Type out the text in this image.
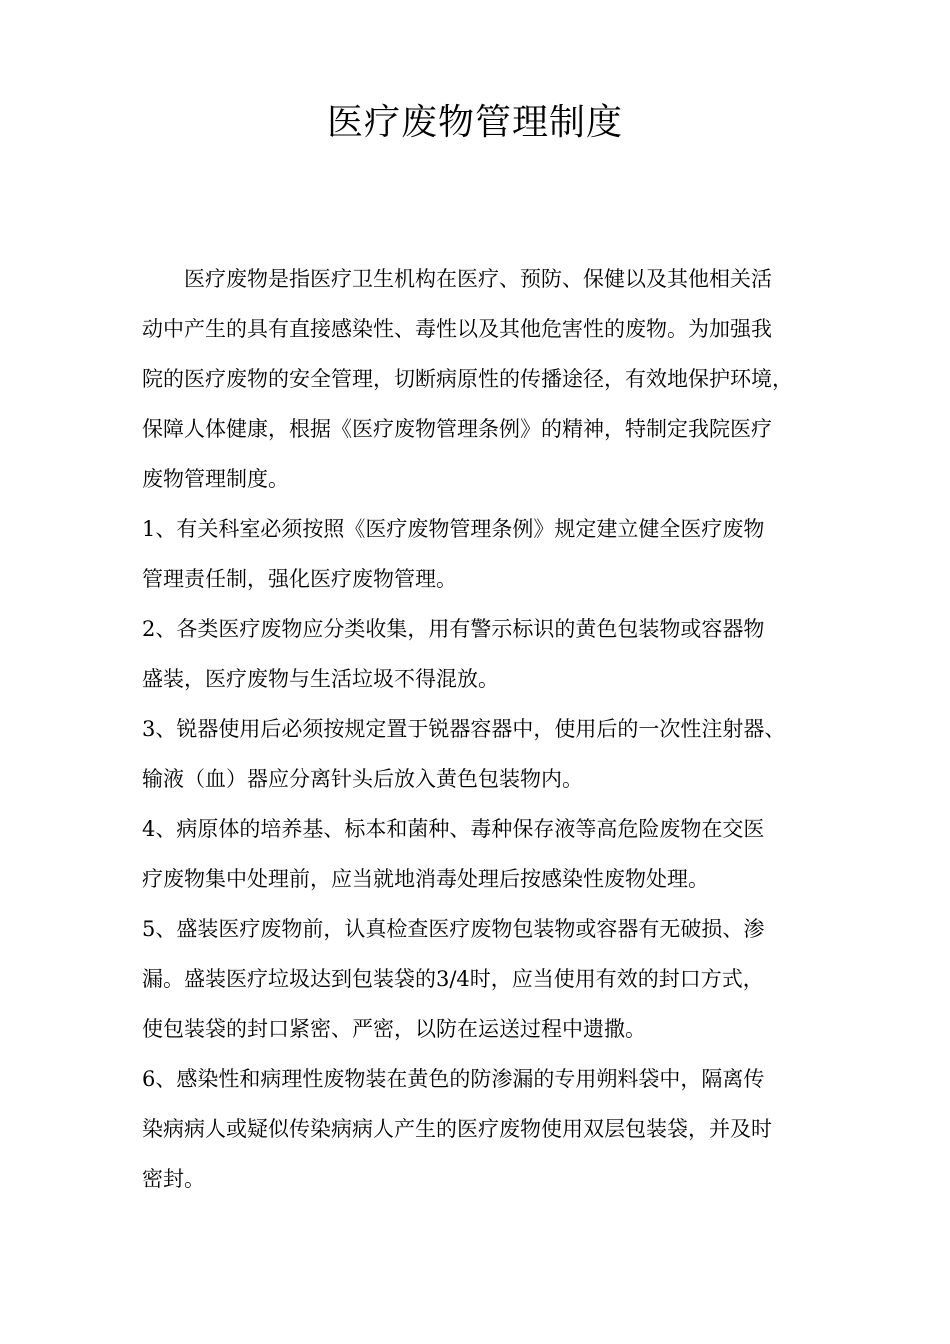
医疗废物管理制度
医疗废物是指医疗卫生机构在医疗、预防、保健以及其他相关活
动中产生的具有直接感染性、毒性以及其他危害性的废物。为加强我
院的医疗废物的安全管理，切断病原性的传播途径，有效地保护环境，
保障人体健康，根据《医疗废物管理条例》的精神，特制定我院医疗
废物管理制度。
1、有关科室必须按照《医疗废物管理条例》规定建立健全医疗废物
管理责任制，强化医疗废物管理。
2、各类医疗废物应分类收集，用有警示标识的黄色包装物或容器物
盛装，医疗废物与生活垃圾不得混放。
3、锐器使用后必须按规定置于锐器容器中，使用后的一次性注射器、
输液（血）器应分离针头后放入黄色包装物内。
4、病原体的培养基、标本和菌种、毒种保存液等高危险废物在交医
疗废物集中处理前，应当就地消毒处理后按感染性废物处理。
5、盛装医疗废物前，认真检查医疗废物包装物或容器有无破损、渗
漏。盛装医疗垃圾达到包装袋的3/4时，应当使用有效的封口方式，
使包装袋的封口紧密、严密，以防在运送过程中遗撒。
6、感染性和病理性废物装在黄色的防渗漏的专用朔料袋中，隔离传
染病病人或疑似传染病病人产生的医疗废物使用双层包装袋，并及时
密封。
